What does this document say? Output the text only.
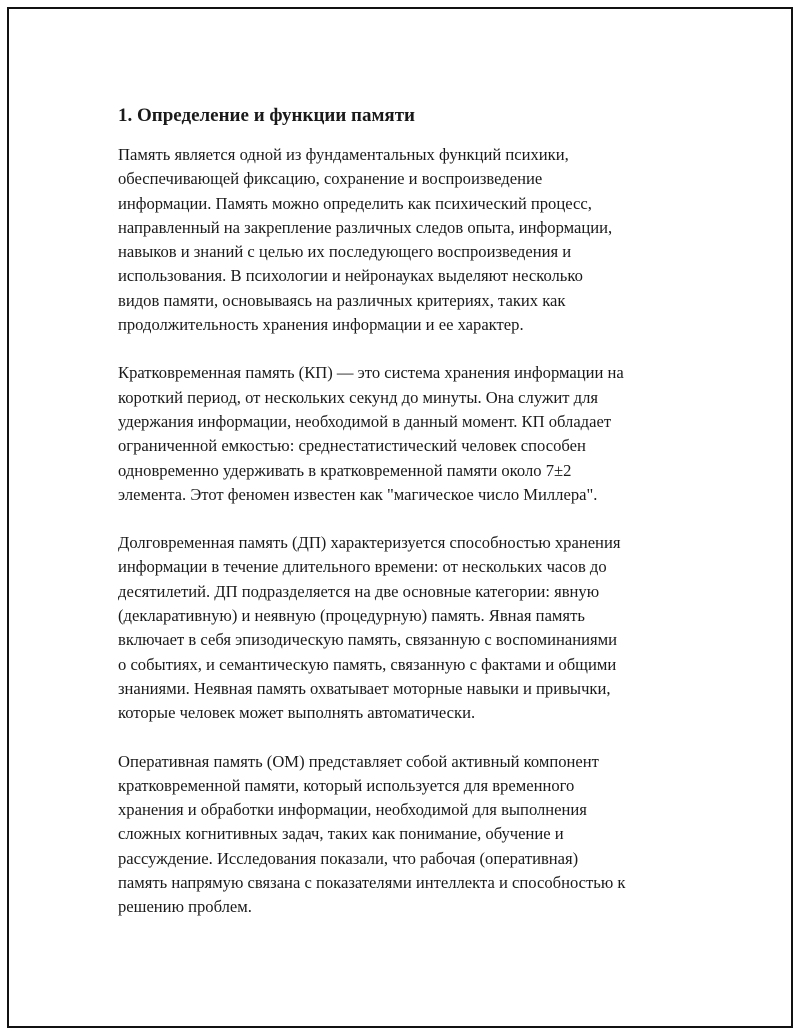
1. Определение и функции памяти

Память является одной из фундаментальных функций психики,
обеспечивающей фиксацию, сохранение и воспроизведение
информации. Память можно определить как психический процесс,
направленный на закрепление различных следов опыта, информации,
навыков и знаний с целью их последующего воспроизведения и
использования. В психологии и нейронауках выделяют несколько
видов памяти, основываясь на различных критериях, таких как
продолжительность хранения информации и ее характер.

Кратковременная память (КП) — это система хранения информации на
короткий период, от нескольких секунд до минуты. Она служит для
удержания информации, необходимой в данный момент. КП обладает
ограниченной емкостью: среднестатистический человек способен
одновременно удерживать в кратковременной памяти около 7±2
элемента. Этот феномен известен как "магическое число Миллера".

Долговременная память (ДП) характеризуется способностью хранения
информации в течение длительного времени: от нескольких часов до
десятилетий. ДП подразделяется на две основные категории: явную
(декларативную) и неявную (процедурную) память. Явная память
включает в себя эпизодическую память, связанную с воспоминаниями
о событиях, и семантическую память, связанную с фактами и общими
знаниями. Неявная память охватывает моторные навыки и привычки,
которые человек может выполнять автоматически.

Оперативная память (ОМ) представляет собой активный компонент
кратковременной памяти, который используется для временного
хранения и обработки информации, необходимой для выполнения
сложных когнитивных задач, таких как понимание, обучение и
рассуждение. Исследования показали, что рабочая (оперативная)
память напрямую связана с показателями интеллекта и способностью к
решению проблем.
